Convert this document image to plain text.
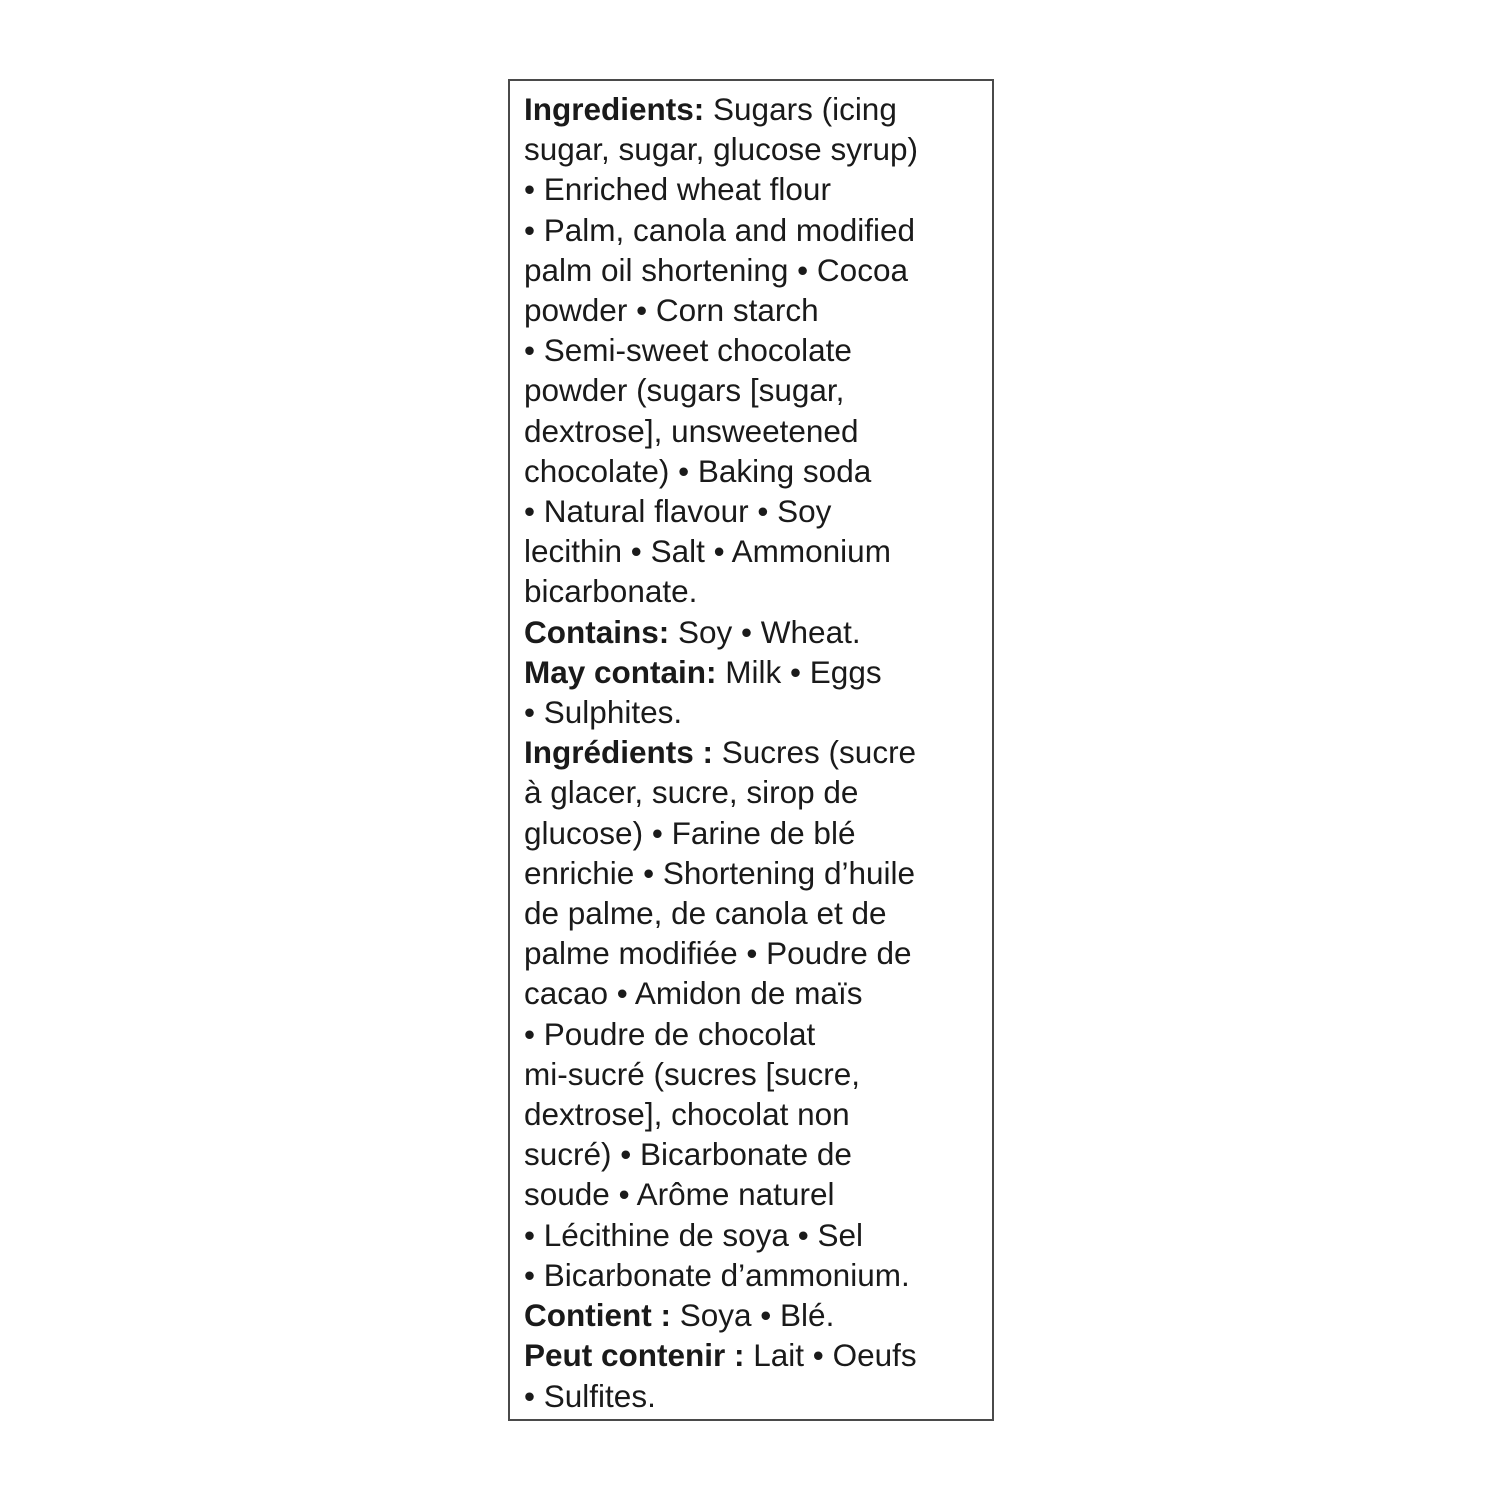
Ingredients: Sugars (icing
sugar, sugar, glucose syrup)
• Enriched wheat flour
• Palm, canola and modified
palm oil shortening • Cocoa
powder • Corn starch
• Semi-sweet chocolate
powder (sugars [sugar,
dextrose], unsweetened
chocolate) • Baking soda
• Natural flavour • Soy
lecithin • Salt • Ammonium
bicarbonate.
Contains: Soy • Wheat.
May contain: Milk • Eggs
• Sulphites.
Ingrédients : Sucres (sucre
à glacer, sucre, sirop de
glucose) • Farine de blé
enrichie • Shortening d’huile
de palme, de canola et de
palme modifiée • Poudre de
cacao • Amidon de maïs
• Poudre de chocolat
mi-sucré (sucres [sucre,
dextrose], chocolat non
sucré) • Bicarbonate de
soude • Arôme naturel
• Lécithine de soya • Sel
• Bicarbonate d’ammonium.
Contient : Soya • Blé.
Peut contenir : Lait • Oeufs
• Sulfites.
